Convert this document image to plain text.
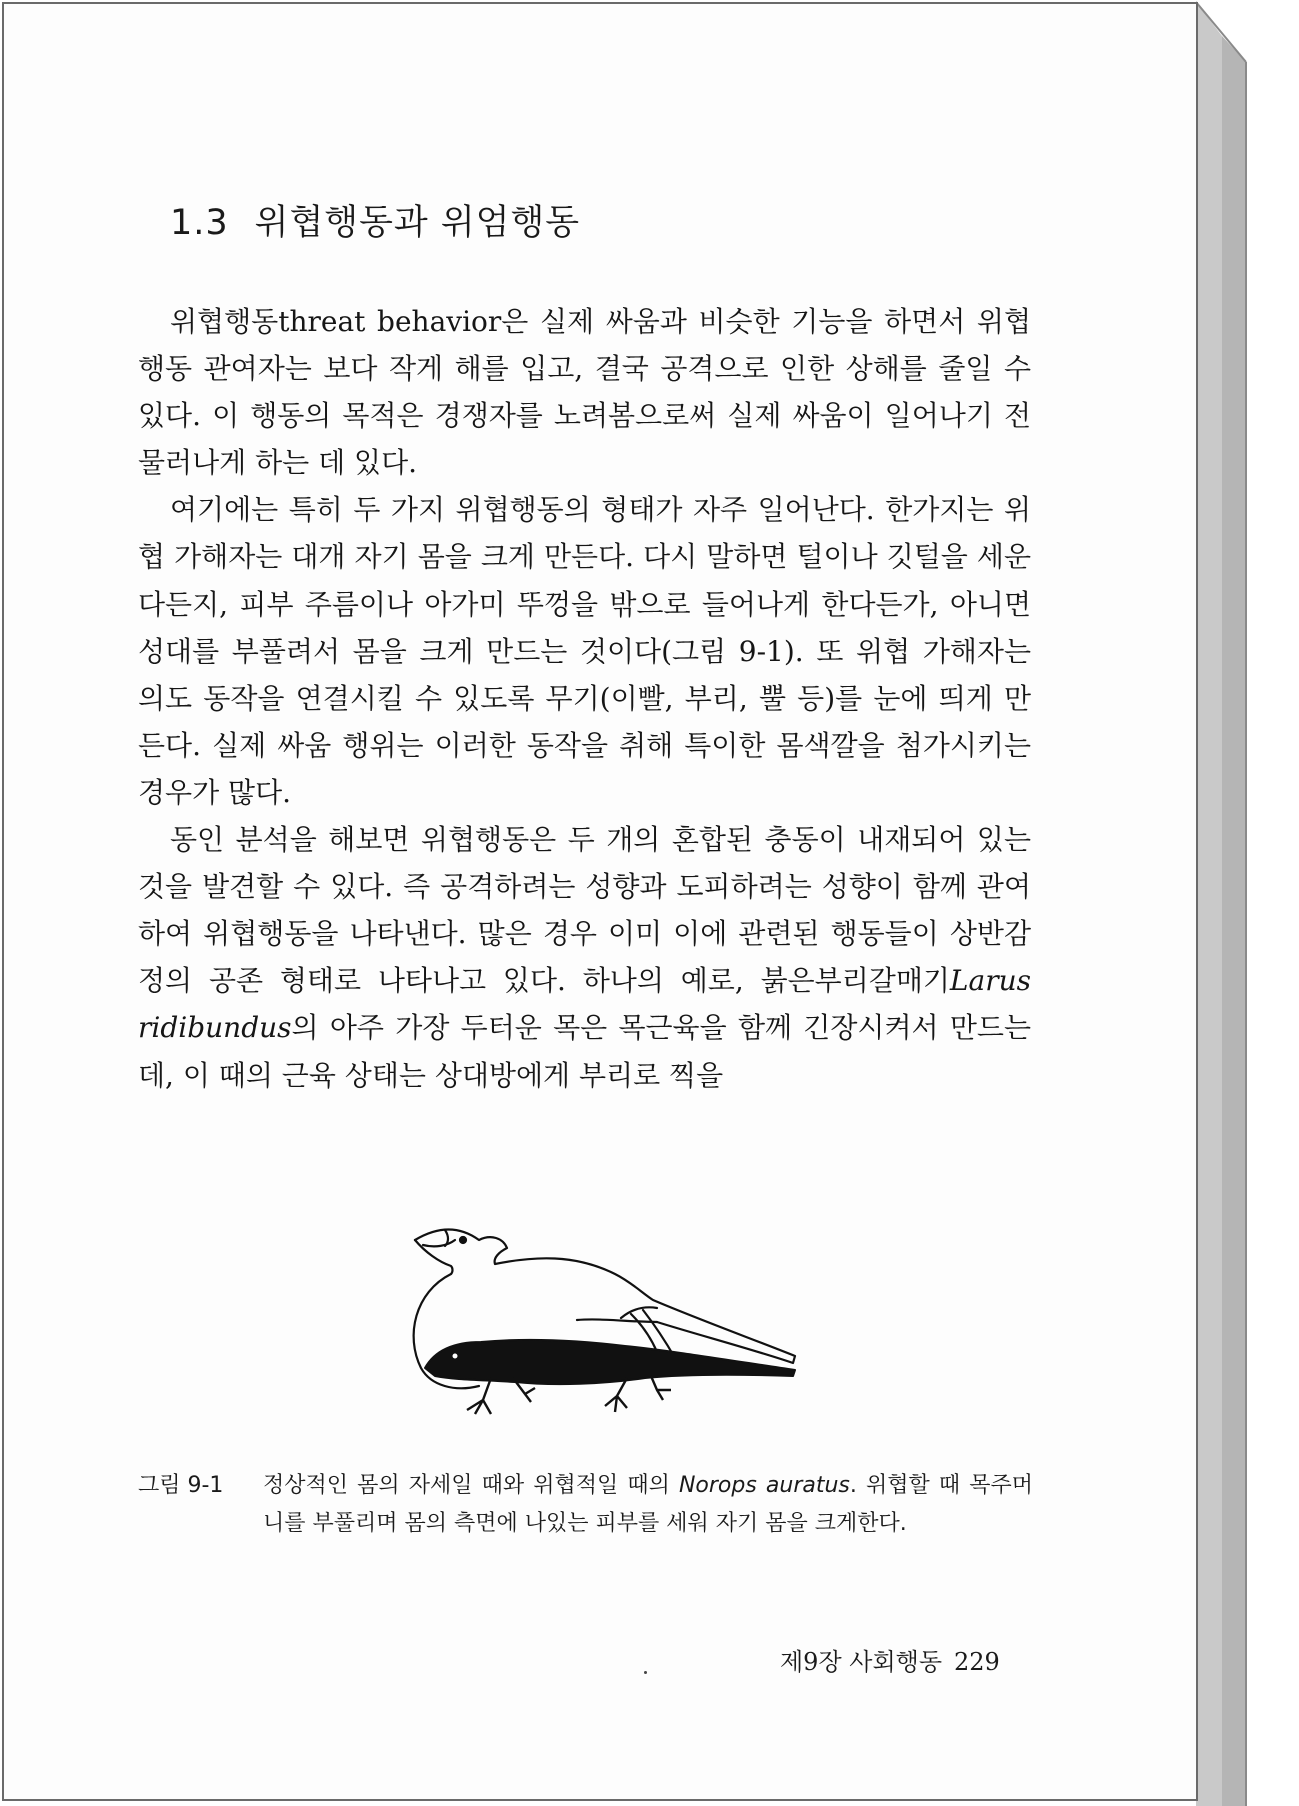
1.3 위협행동과 위엄행동

위협행동threat behavior은 실제 싸움과 비슷한 기능을 하면서 위협행동 관여자는 보다 작게 해를 입고, 결국 공격으로 인한 상해를 줄일 수 있다. 이 행동의 목적은 경쟁자를 노려봄으로써 실제 싸움이 일어나기 전 물러나게 하는 데 있다.

여기에는 특히 두 가지 위협행동의 형태가 자주 일어난다. 한가지는 위협 가해자는 대개 자기 몸을 크게 만든다. 다시 말하면 털이나 깃털을 세운다든지, 피부 주름이나 아가미 뚜껑을 밖으로 들어나게 한다든가, 아니면 성대를 부풀려서 몸을 크게 만드는 것이다(그림 9-1). 또 위협 가해자는 의도 동작을 연결시킬 수 있도록 무기(이빨, 부리, 뿔 등)를 눈에 띄게 만든다. 실제 싸움 행위는 이러한 동작을 취해 특이한 몸색깔을 첨가시키는 경우가 많다.

동인 분석을 해보면 위협행동은 두 개의 혼합된 충동이 내재되어 있는 것을 발견할 수 있다. 즉 공격하려는 성향과 도피하려는 성향이 함께 관여하여 위협행동을 나타낸다. 많은 경우 이미 이에 관련된 행동들이 상반감정의 공존 형태로 나타나고 있다. 하나의 예로, 붉은부리갈매기Larus ridibundus의 아주 가장 두터운 목은 목근육을 함께 긴장시켜서 만드는데, 이 때의 근육 상태는 상대방에게 부리로 찍을

그림 9-1 정상적인 몸의 자세일 때와 위협적일 때의 Norops auratus. 위협할 때 목주머니를 부풀리며 몸의 측면에 나있는 피부를 세워 자기 몸을 크게한다.
제9장 사회행동 229
